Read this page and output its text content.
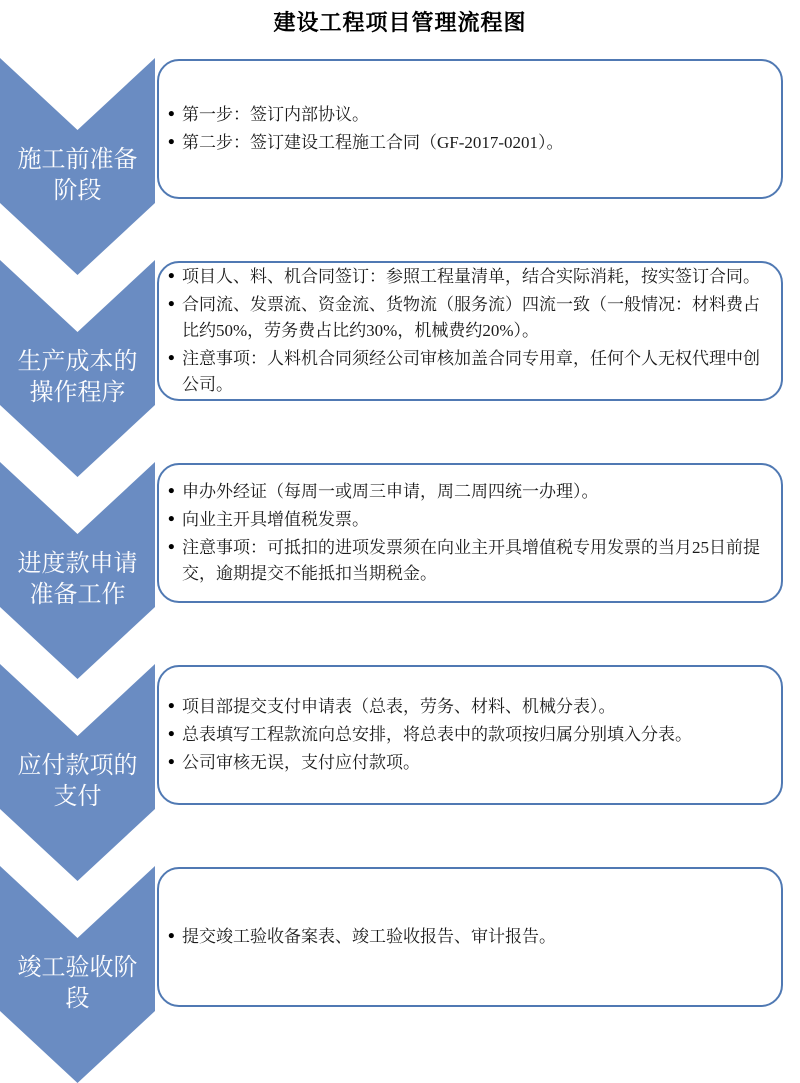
建设工程项目管理流程图
施工前准备阶段
• 第一步：签订内部协议。
• 第二步：签订建设工程施工合同（GF-2017-0201）。
生产成本的操作程序
• 项目人、料、机合同签订：参照工程量清单，结合实际消耗，按实签订合同。
• 合同流、发票流、资金流、货物流（服务流）四流一致（一般情况：材料费占比约50%，劳务费占比约30%，机械费约20%）。
• 注意事项：人料机合同须经公司审核加盖合同专用章，任何个人无权代理中创公司。
进度款申请准备工作
• 申办外经证（每周一或周三申请，周二周四统一办理）。
• 向业主开具增值税发票。
• 注意事项：可抵扣的进项发票须在向业主开具增值税专用发票的当月25日前提交，逾期提交不能抵扣当期税金。
应付款项的支付
• 项目部提交支付申请表（总表，劳务、材料、机械分表）。
• 总表填写工程款流向总安排，将总表中的款项按归属分别填入分表。
• 公司审核无误，支付应付款项。
竣工验收阶段
• 提交竣工验收备案表、竣工验收报告、审计报告。
